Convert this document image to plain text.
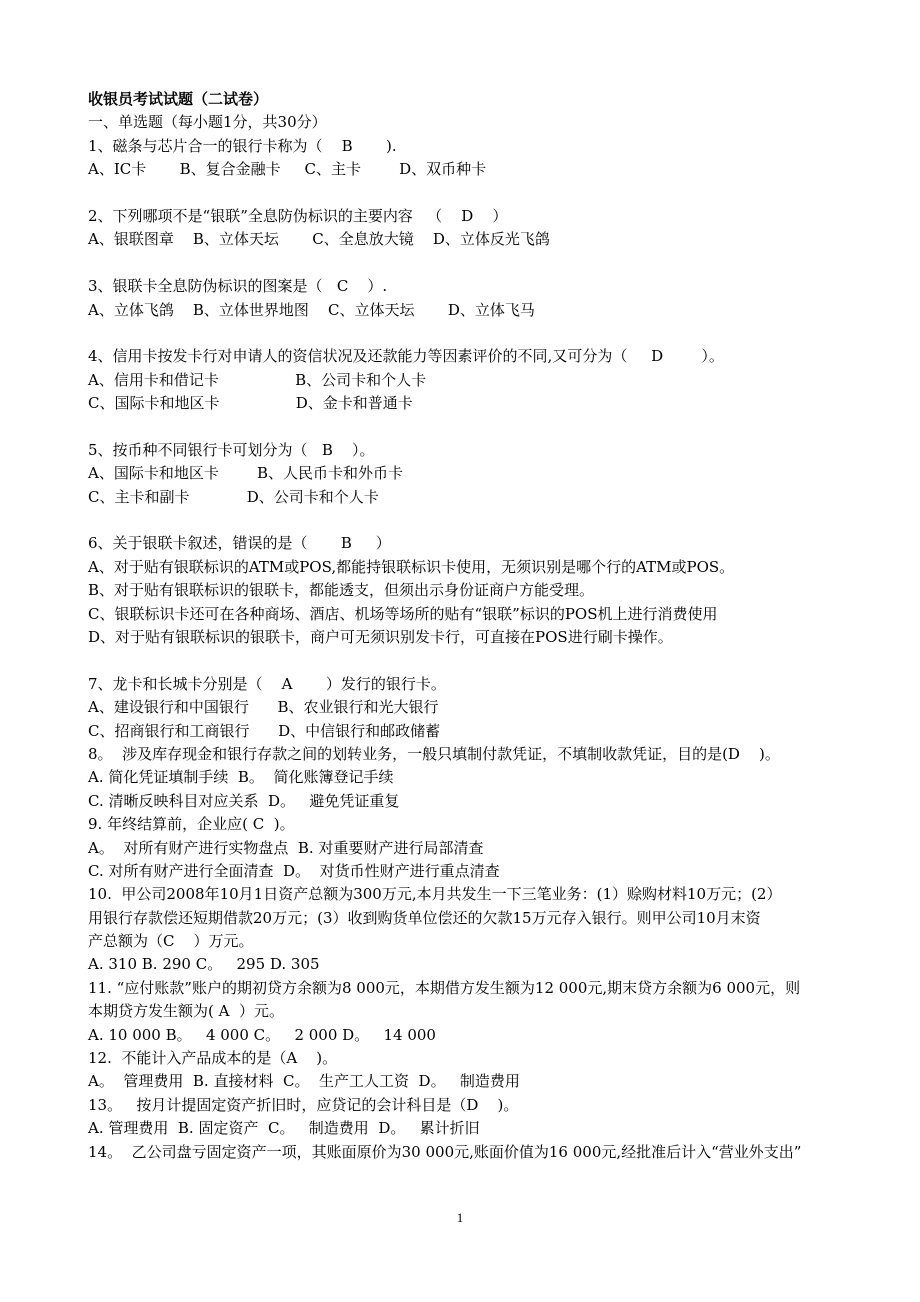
收银员考试试题（二试卷）
一、单选题（每小题1分，共30分）
1、磁条与芯片合一的银行卡称为（    B       ).
A、IC卡       B、复合金融卡     C、主卡        D、双币种卡
2、下列哪项不是“银联”全息防伪标识的主要内容   （    D    ）
A、银联图章    B、立体天坛       C、全息放大镜    D、立体反光飞鸽
3、银联卡全息防伪标识的图案是（   C    ）.
A、立体飞鸽    B、立体世界地图    C、立体天坛       D、立体飞马
4、信用卡按发卡行对申请人的资信状况及还款能力等因素评价的不同,又可分为（     D        ）。
A、信用卡和借记卡                B、公司卡和个人卡
C、国际卡和地区卡                D、金卡和普通卡
5、按币种不同银行卡可划分为（   B    ）。
A、国际卡和地区卡        B、人民币卡和外币卡
C、主卡和副卡            D、公司卡和个人卡
6、关于银联卡叙述，错误的是（       B     ）
A、对于贴有银联标识的ATM或POS,都能持银联标识卡使用，无须识别是哪个行的ATM或POS。
B、对于贴有银联标识的银联卡，都能透支，但须出示身份证商户方能受理。
C、银联标识卡还可在各种商场、酒店、机场等场所的贴有“银联”标识的POS机上进行消费使用
D、对于贴有银联标识的银联卡，商户可无须识别发卡行，可直接在POS进行刷卡操作。
7、龙卡和长城卡分别是（    A       ）发行的银行卡。
A、建设银行和中国银行      B、农业银行和光大银行
C、招商银行和工商银行      D、中信银行和邮政储蓄
8。  涉及库存现金和银行存款之间的划转业务，一般只填制付款凭证，不填制收款凭证，目的是(D    )。
A. 简化凭证填制手续  B。  简化账簿登记手续
C. 清晰反映科目对应关系  D。   避免凭证重复
9. 年终结算前，企业应( C  )。
A。  对所有财产进行实物盘点  B. 对重要财产进行局部清查
C. 对所有财产进行全面清查  D。  对货币性财产进行重点清查
10.  甲公司2008年10月1日资产总额为300万元,本月共发生一下三笔业务：(1）赊购材料10万元；(2）
用银行存款偿还短期借款20万元；(3）收到购货单位偿还的欠款15万元存入银行。则甲公司10月末资
产总额为（C    ）万元。
A. 310 B. 290 C。   295 D. 305
11. “应付账款”账户的期初贷方余额为8 000元，本期借方发生额为12 000元,期末贷方余额为6 000元，则
本期贷方发生额为( A  ）元。
A. 10 000 B。   4 000 C。   2 000 D。   14 000
12.  不能计入产品成本的是（A    )。
A。  管理费用  B. 直接材料  C。  生产工人工资  D。   制造费用
13。   按月计提固定资产折旧时，应贷记的会计科目是（D    )。
A. 管理费用  B. 固定资产  C。   制造费用  D。   累计折旧
14。  乙公司盘亏固定资产一项，其账面原价为30 000元,账面价值为16 000元,经批准后计入“营业外支出”
1
